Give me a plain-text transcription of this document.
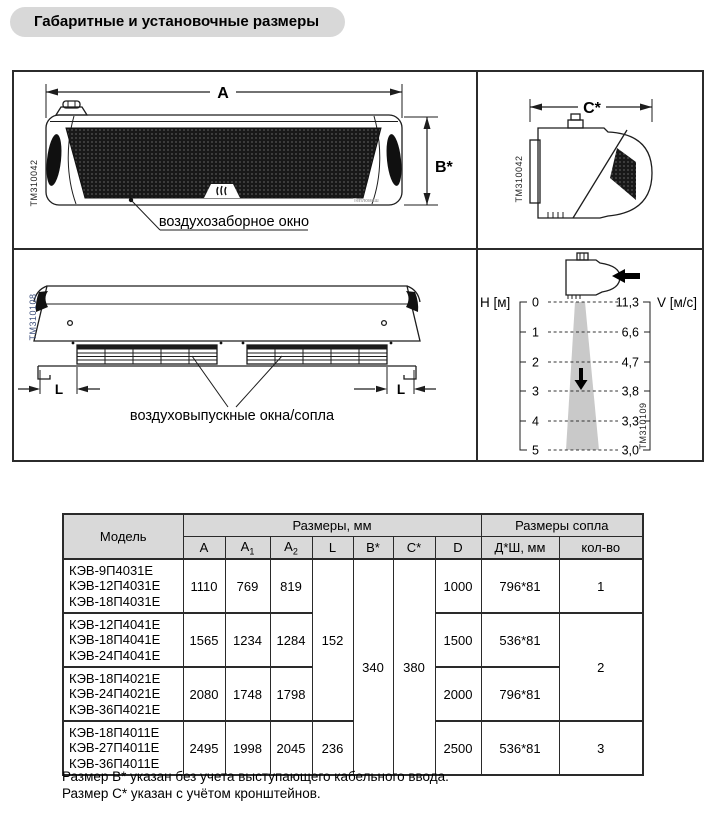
Габаритные и установочные размеры
A
Тепломаш
B*
TM310042
воздухозаборное окно
C*
TM310042
L	L
воздуховыпускные окна/сопла
TM310108	H [м] 0
1
2
3
4
5
11,3
6,6
4,7
3,8
3,3
3,0
V [м/с]
TM310109
Модель	Размеры, мм							Размеры сопла	
	A	$A_1$	$A_2$	L	B*	C*	D	Д*Ш, мм	кол-во

КЭВ-9П4031Е
КЭВ-12П4031Е
КЭВ-18П4031Е	1110	769	819	152	340	380	1000	796*81	1

КЭВ-12П4041Е
КЭВ-18П4041Е
КЭВ-24П4041Е	1565	1234	1284				1500	536*81	2

КЭВ-18П4021Е
КЭВ-24П4021Е
КЭВ-36П4021Е	2080	1748	1798				2000	796*81	

КЭВ-18П4011Е
КЭВ-27П4011Е
КЭВ-36П4011Е	2495	1998	2045	236			2500	536*81	3
Размер B* указан без учета выступающего кабельного ввода.
Размер C* указан с учётом кронштейнов.
